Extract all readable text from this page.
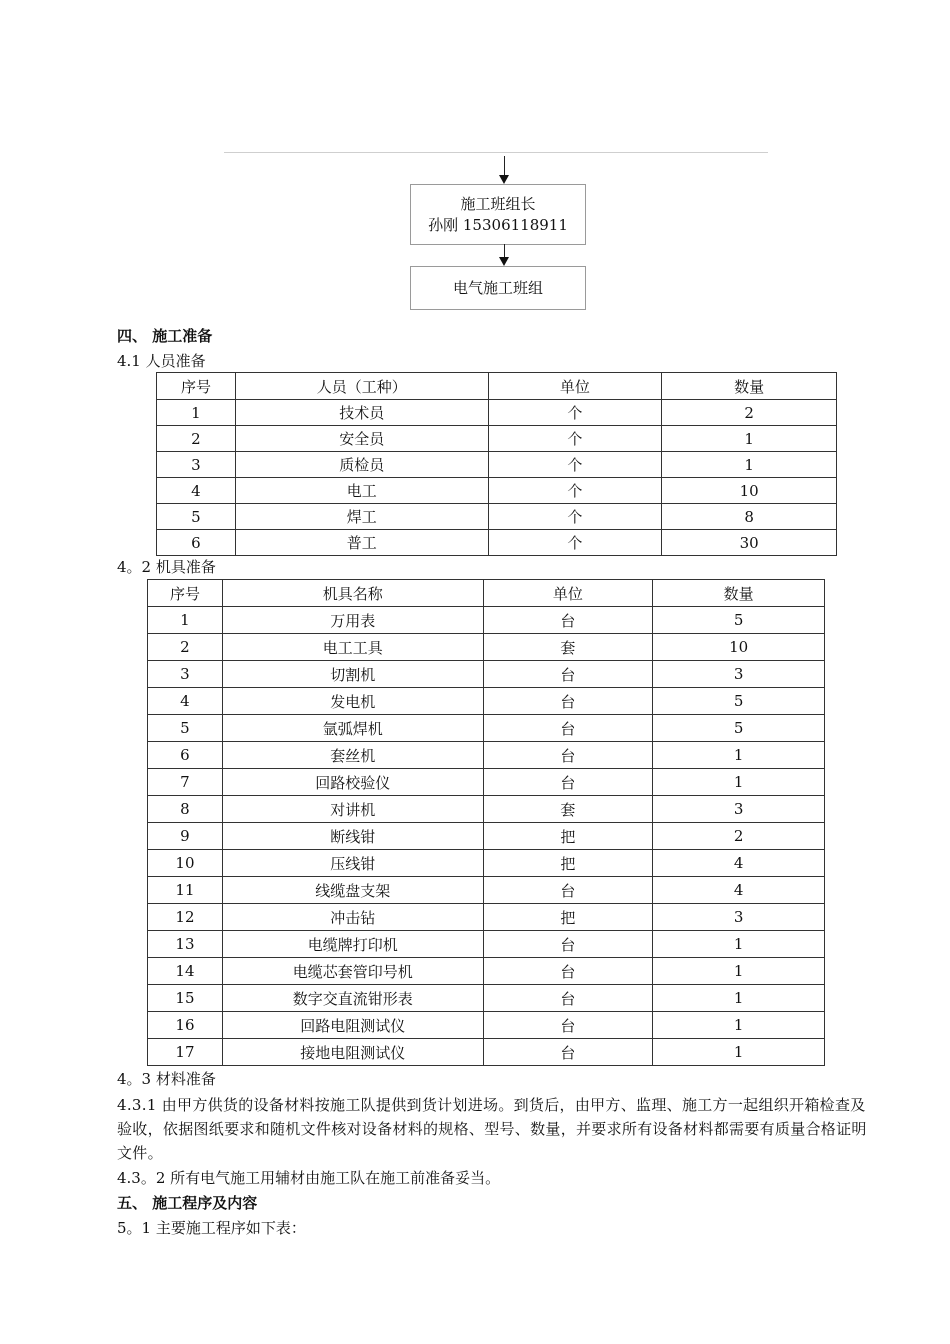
施工班组长
孙刚 15306118911
电气施工班组
四、 施工准备
4.1 人员准备
序号	人员（工种）	单位	数量
1	技术员	个	2
2	安全员	个	1
3	质检员	个	1
4	电工	个	10
5	焊工	个	8
6	普工	个	30
4。2 机具准备
序号	机具名称	单位	数量
1	万用表	台	5
2	电工工具	套	10
3	切割机	台	3
4	发电机	台	5
5	氩弧焊机	台	5
6	套丝机	台	1
7	回路校验仪	台	1
8	对讲机	套	3
9	断线钳	把	2
10	压线钳	把	4
11	线缆盘支架	台	4
12	冲击钻	把	3
13	电缆牌打印机	台	1
14	电缆芯套管印号机	台	1
15	数字交直流钳形表	台	1
16	回路电阻测试仪	台	1
17	接地电阻测试仪	台	1
4。3 材料准备
4.3.1 由甲方供货的设备材料按施工队提供到货计划进场。到货后，由甲方、监理、施工方一起组织开箱检查及验收，依据图纸要求和随机文件核对设备材料的规格、型号、数量，并要求所有设备材料都需要有质量合格证明文件。
4.3。2 所有电气施工用辅材由施工队在施工前准备妥当。
五、 施工程序及内容
5。1 主要施工程序如下表：
